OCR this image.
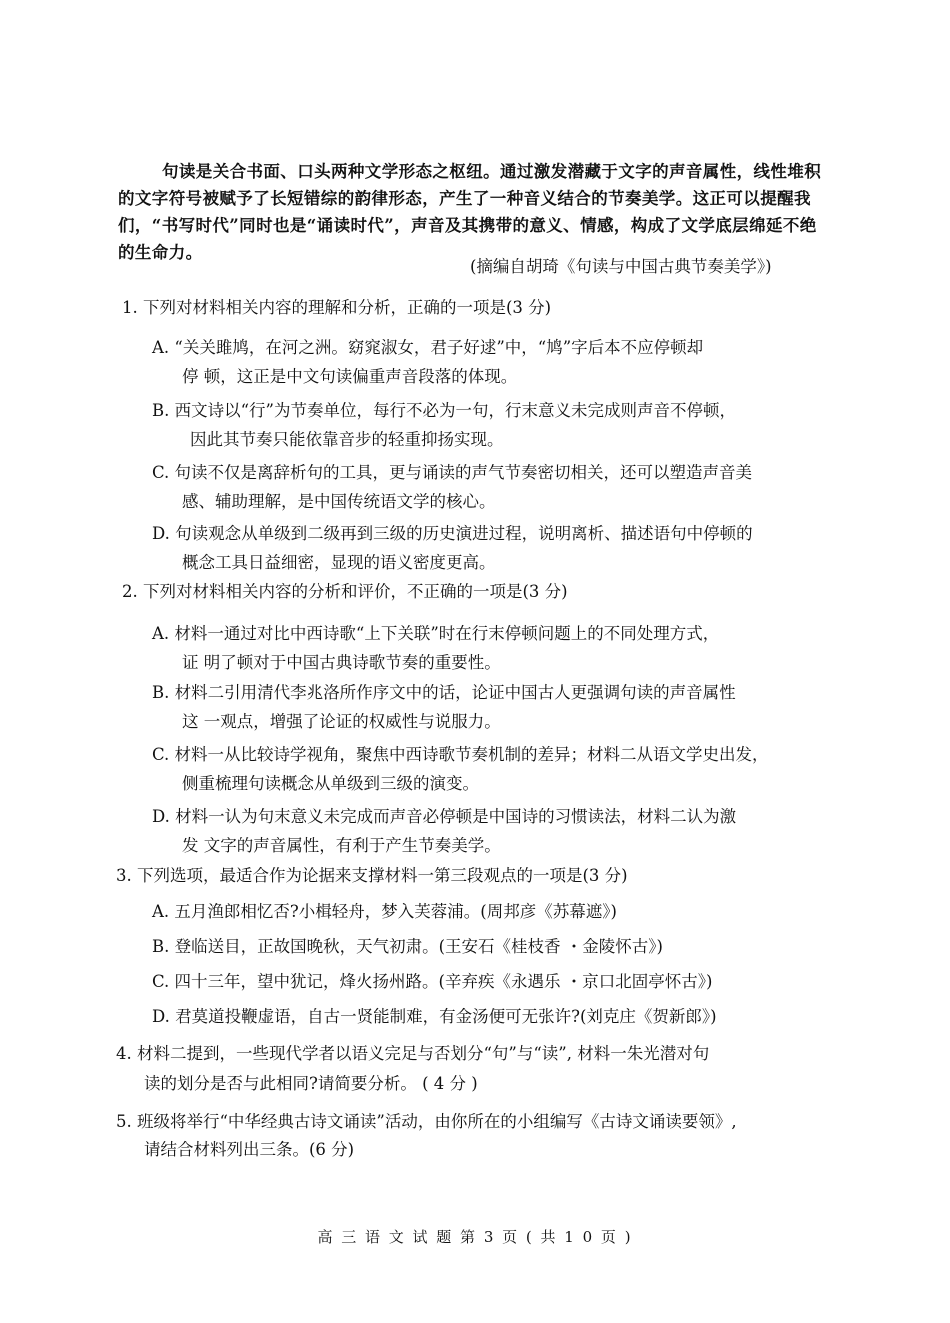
句读是关合书面、口头两种文学形态之枢纽。通过激发潜藏于文字的声音属性，线性堆积的文字符号被赋予了长短错综的韵律形态，产生了一种音义结合的节奏美学。这正可以提醒我们，“书写时代”同时也是“诵读时代”，声音及其携带的意义、情感，构成了文学底层绵延不绝的生命力。
(摘编自胡琦《句读与中国古典节奏美学》)
1. 下列对材料相关内容的理解和分析，正确的一项是(3 分)
A. “关关雎鸠，在河之洲。窈窕淑女，君子好逑”中，“鸠”字后本不应停顿却
停 顿，这正是中文句读偏重声音段落的体现。
B. 西文诗以“行”为节奏单位，每行不必为一句，行末意义未完成则声音不停顿，
因此其节奏只能依靠音步的轻重抑扬实现。
C. 句读不仅是离辞析句的工具，更与诵读的声气节奏密切相关，还可以塑造声音美
感、辅助理解，是中国传统语文学的核心。
D. 句读观念从单级到二级再到三级的历史演进过程，说明离析、描述语句中停顿的
概念工具日益细密，显现的语义密度更高。
2. 下列对材料相关内容的分析和评价，不正确的一项是(3 分)
A. 材料一通过对比中西诗歌“上下关联”时在行末停顿问题上的不同处理方式，
证 明了顿对于中国古典诗歌节奏的重要性。
B. 材料二引用清代李兆洛所作序文中的话，论证中国古人更强调句读的声音属性
这 一观点，增强了论证的权威性与说服力。
C. 材料一从比较诗学视角，聚焦中西诗歌节奏机制的差异；材料二从语文学史出发，
侧重梳理句读概念从单级到三级的演变。
D. 材料一认为句末意义未完成而声音必停顿是中国诗的习惯读法，材料二认为激
发 文字的声音属性，有利于产生节奏美学。
3. 下列选项，最适合作为论据来支撑材料一第三段观点的一项是(3 分)
A. 五月渔郎相忆否?小楫轻舟，梦入芙蓉浦。(周邦彦《苏幕遮》)
B. 登临送目，正故国晚秋，天气初肃。(王安石《桂枝香 ・金陵怀古》)
C. 四十三年，望中犹记，烽火扬州路。(辛弃疾《永遇乐 ・京口北固亭怀古》)
D. 君莫道投鞭虚语，自古一贤能制难，有金汤便可无张许?(刘克庄《贺新郎》)
4. 材料二提到，一些现代学者以语义完足与否划分“句”与“读”, 材料一朱光潜对句
读的划分是否与此相同?请简要分析。 ( 4 分 )
5. 班级将举行“中华经典古诗文诵读”活动，由你所在的小组编写《古诗文诵读要领》,
请结合材料列出三条。(6 分)
高 三 语 文 试 题 第 3 页 ( 共 1 0 页 )
